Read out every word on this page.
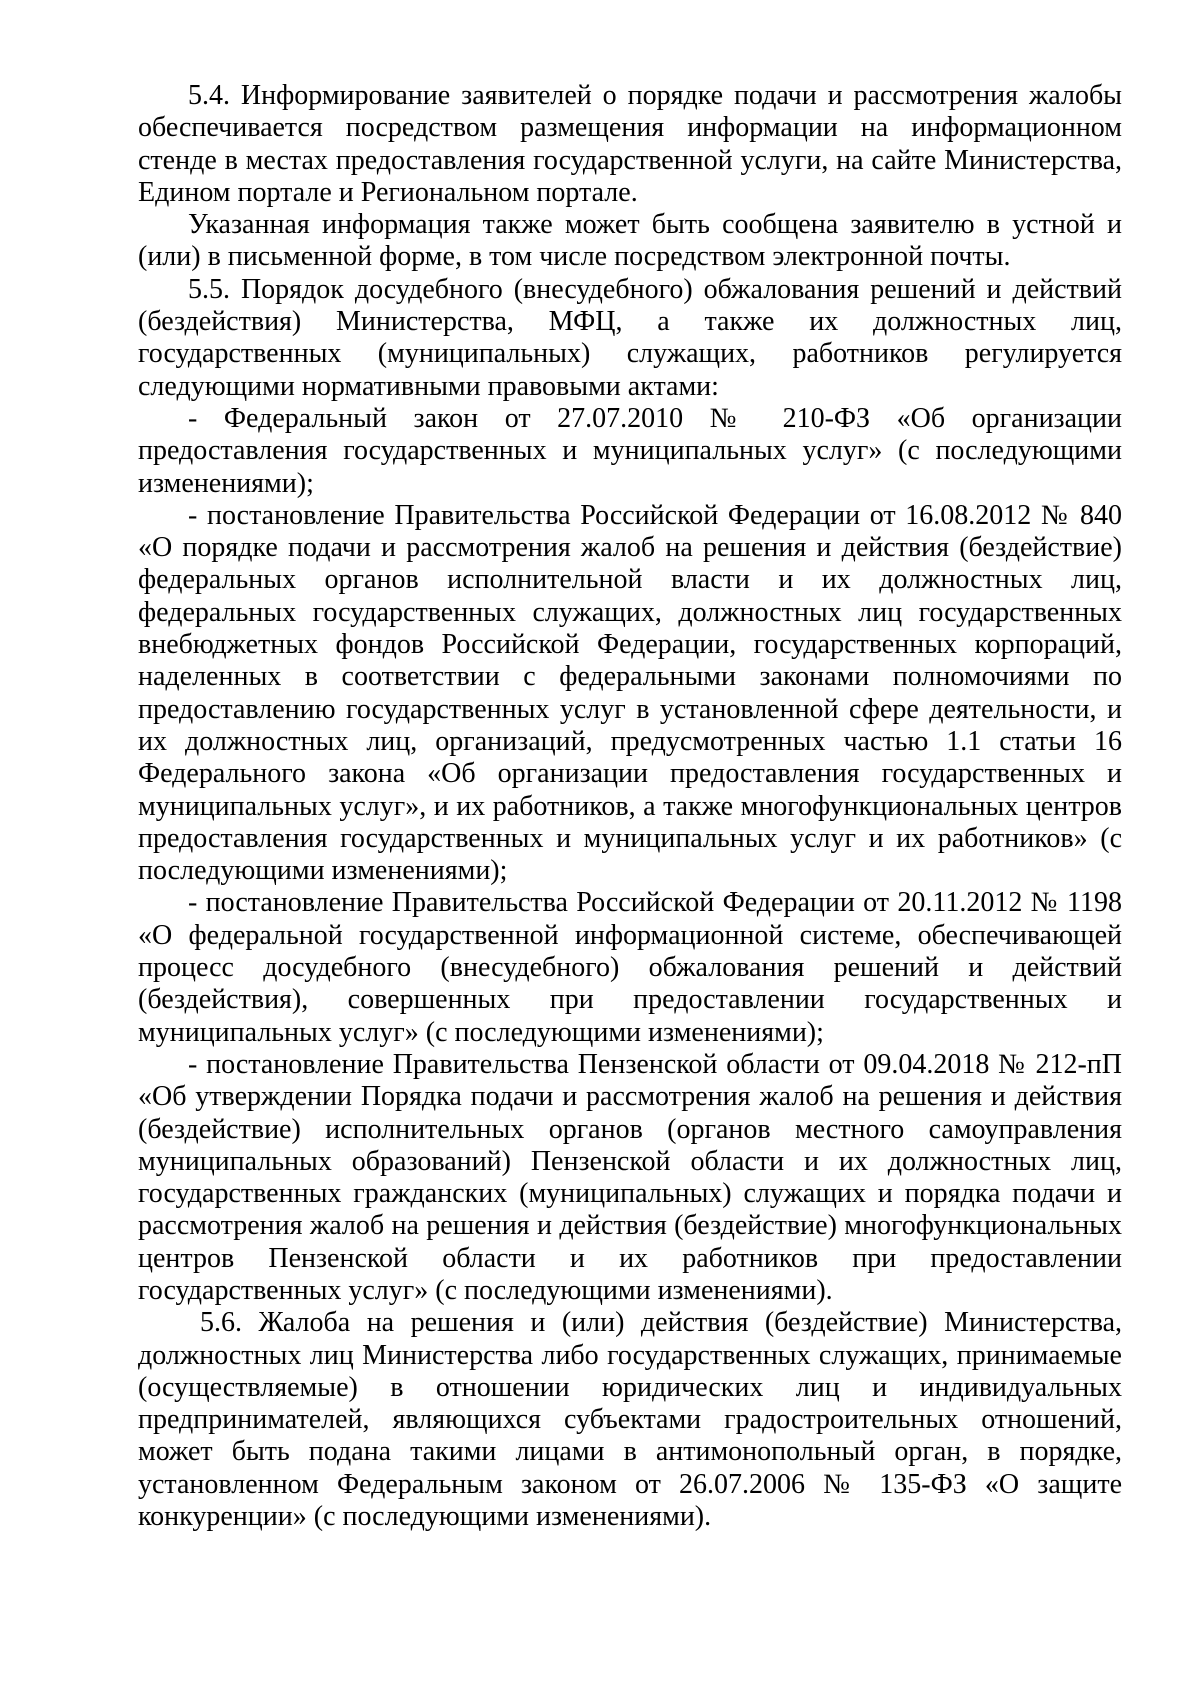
5.4. Информирование заявителей о порядке подачи и рассмотрения жалобы обеспечивается посредством размещения информации на информационном стенде в местах предоставления государственной услуги, на сайте Министерства, Едином портале и Региональном портале.

Указанная информация также может быть сообщена заявителю в устной и (или) в письменной форме, в том числе посредством электронной почты.

5.5. Порядок досудебного (внесудебного) обжалования решений и действий (бездействия) Министерства, МФЦ, а также их должностных лиц, государственных (муниципальных) служащих, работников регулируется следующими нормативными правовыми актами:

- Федеральный закон от 27.07.2010 № 210-ФЗ «Об организации предоставления государственных и муниципальных услуг» (с последующими изменениями);

- постановление Правительства Российской Федерации от 16.08.2012 № 840 «О порядке подачи и рассмотрения жалоб на решения и действия (бездействие) федеральных органов исполнительной власти и их должностных лиц, федеральных государственных служащих, должностных лиц государственных внебюджетных фондов Российской Федерации, государственных корпораций, наделенных в соответствии с федеральными законами полномочиями по предоставлению государственных услуг в установленной сфере деятельности, и их должностных лиц, организаций, предусмотренных частью 1.1 статьи 16 Федерального закона «Об организации предоставления государственных и муниципальных услуг», и их работников, а также многофункциональных центров предоставления государственных и муниципальных услуг и их работников» (с последующими изменениями);

- постановление Правительства Российской Федерации от 20.11.2012 № 1198 «О федеральной государственной информационной системе, обеспечивающей процесс досудебного (внесудебного) обжалования решений и действий (бездействия), совершенных при предоставлении государственных и муниципальных услуг» (с последующими изменениями);

- постановление Правительства Пензенской области от 09.04.2018 № 212-пП «Об утверждении Порядка подачи и рассмотрения жалоб на решения и действия (бездействие) исполнительных органов (органов местного самоуправления муниципальных образований) Пензенской области и их должностных лиц, государственных гражданских (муниципальных) служащих и порядка подачи и рассмотрения жалоб на решения и действия (бездействие) многофункциональных центров Пензенской области и их работников при предоставлении государственных услуг» (с последующими изменениями).

5.6. Жалоба на решения и (или) действия (бездействие) Министерства, должностных лиц Министерства либо государственных служащих, принимаемые (осуществляемые) в отношении юридических лиц и индивидуальных предпринимателей, являющихся субъектами градостроительных отношений, может быть подана такими лицами в антимонопольный орган, в порядке, установленном Федеральным законом от 26.07.2006 № 135-ФЗ «О защите конкуренции» (с последующими изменениями).
